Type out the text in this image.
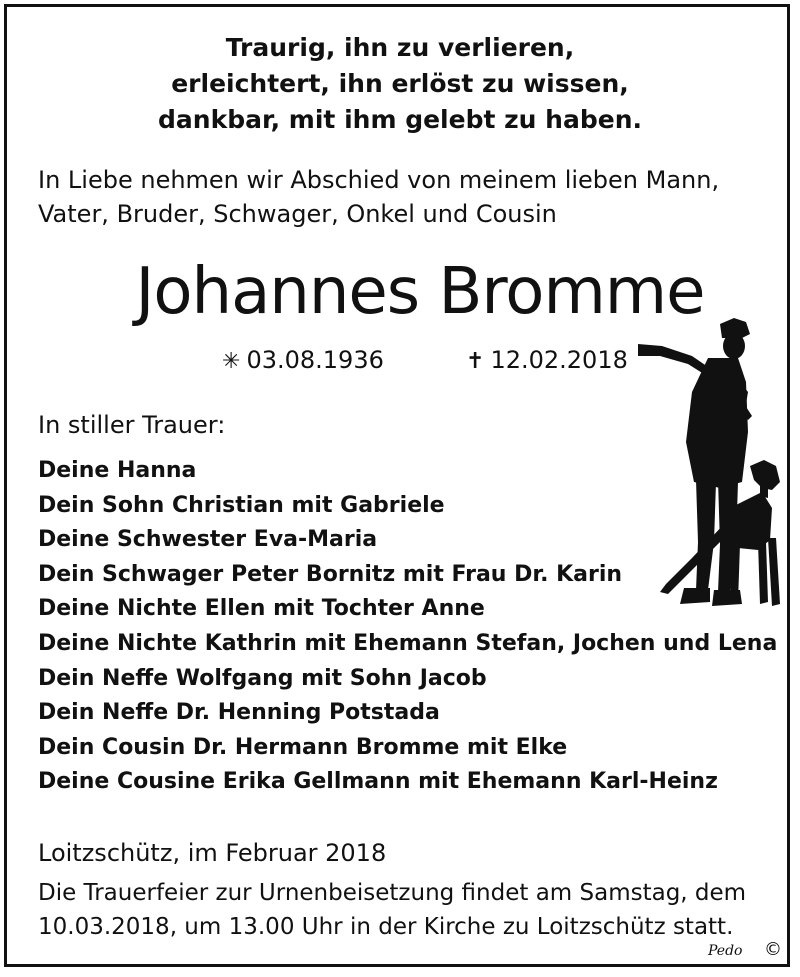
Traurig, ihn zu verlieren,
erleichtert, ihn erlöst zu wissen,
dankbar, mit ihm gelebt zu haben.
In Liebe nehmen wir Abschied von meinem lieben Mann,
Vater, Bruder, Schwager, Onkel und Cousin
Johannes Bromme
✳ 03.08.1936	✝ 12.02.2018
In stiller Trauer:
Deine Hanna
Dein Sohn Christian mit Gabriele
Deine Schwester Eva-Maria
Dein Schwager Peter Bornitz mit Frau Dr. Karin
Deine Nichte Ellen mit Tochter Anne
Deine Nichte Kathrin mit Ehemann Stefan, Jochen und Lena
Dein Neffe Wolfgang mit Sohn Jacob
Dein Neffe Dr. Henning Potstada
Dein Cousin Dr. Hermann Bromme mit Elke
Deine Cousine Erika Gellmann mit Ehemann Karl-Heinz
Loitzschütz, im Februar 2018
Die Trauerfeier zur Urnenbeisetzung findet am Samstag, dem
10.03.2018, um 13.00 Uhr in der Kirche zu Loitzschütz statt.
Pedo ©
